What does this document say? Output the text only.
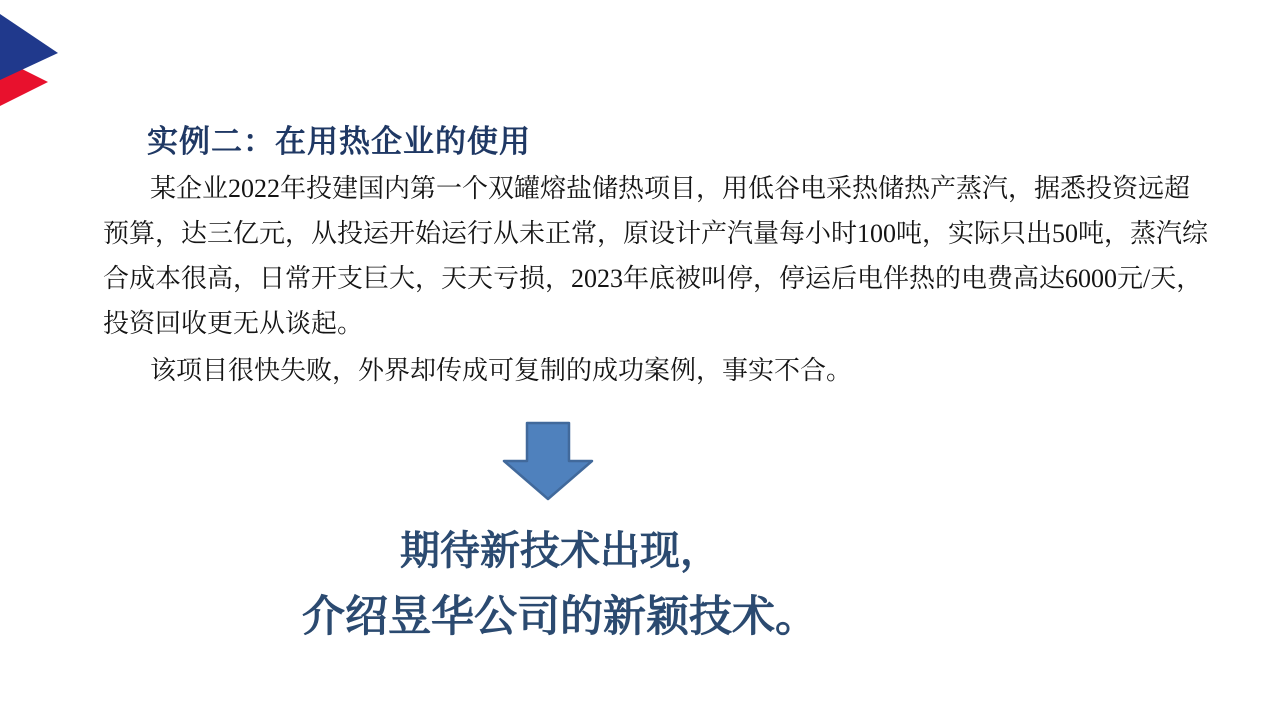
实例二：在用热企业的使用
某企业2022年投建国内第一个双罐熔盐储热项目，用低谷电采热储热产蒸汽，据悉投资远超
预算，达三亿元，从投运开始运行从未正常，原设计产汽量每小时100吨，实际只出50吨，蒸汽综
合成本很高，日常开支巨大，天天亏损，2023年底被叫停，停运后电伴热的电费高达6000元/天，
投资回收更无从谈起。
该项目很快失败，外界却传成可复制的成功案例，事实不合。
期待新技术出现，
介绍昱华公司的新颖技术。
